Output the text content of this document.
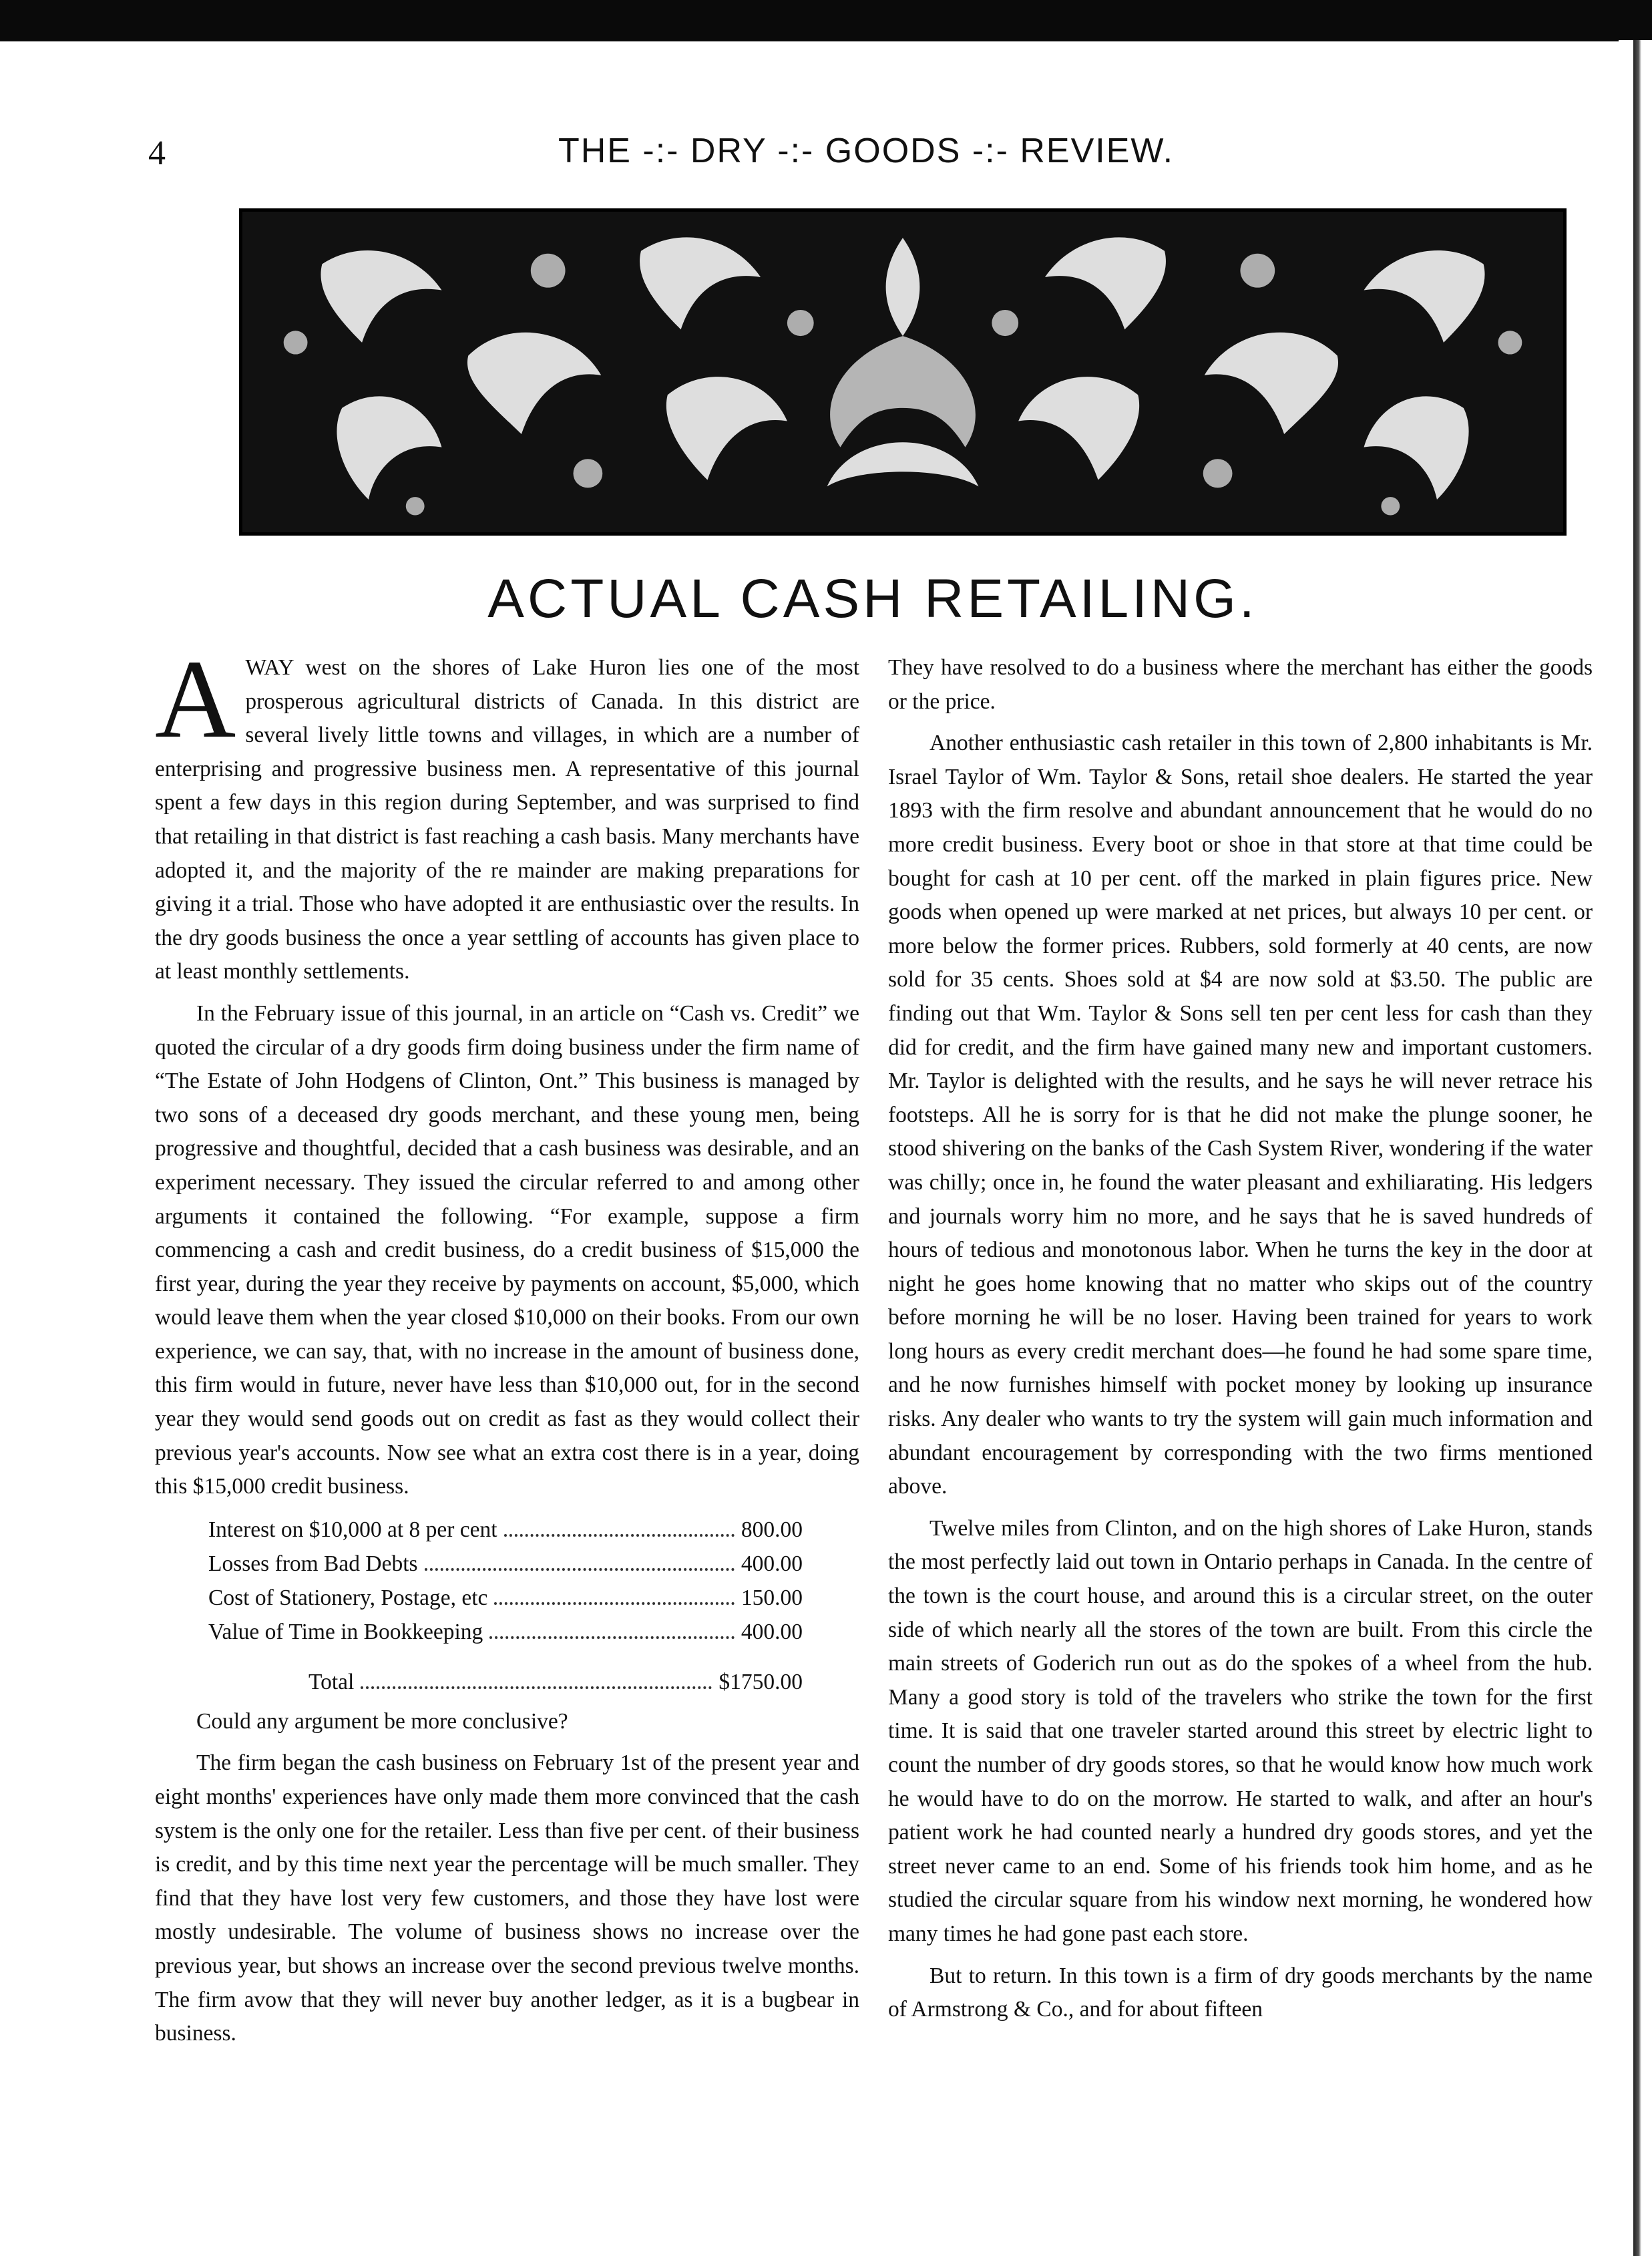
4	THE -:- DRY -:- GOODS -:- REVIEW.
ACTUAL CASH RETAILING.

AWAY west on the shores of Lake Huron lies one of the most prosperous agricultural districts of Canada. In this district are several lively little towns and villages, in which are a number of enterprising and progressive business men. A representative of this journal spent a few days in this region during September, and was surprised to find that retailing in that district is fast reaching a cash basis. Many merchants have adopted it, and the majority of the re mainder are making preparations for giving it a trial. Those who have adopted it are enthusiastic over the results. In the dry goods business the once a year settling of accounts has given place to at least monthly settlements.

In the February issue of this journal, in an article on “Cash vs. Credit” we quoted the circular of a dry goods firm doing business under the firm name of “The Estate of John Hodgens of Clinton, Ont.” This business is managed by two sons of a deceased dry goods merchant, and these young men, being progressive and thoughtful, decided that a cash business was desirable, and an experiment necessary. They issued the circular referred to and among other arguments it contained the following. “For example, suppose a firm commencing a cash and credit business, do a credit business of $15,000 the first year, during the year they receive by payments on account, $5,000, which would leave them when the year closed $10,000 on their books. From our own experience, we can say, that, with no increase in the amount of business done, this firm would in future, never have less than $10,000 out, for in the second year they would send goods out on credit as fast as they would collect their previous year's accounts. Now see what an extra cost there is in a year, doing this $15,000 credit business.

Interest on $10,000 at 8 per cent	800.00
Losses from Bad Debts	400.00
Cost of Stationery, Postage, etc	150.00
Value of Time in Bookkeeping	400.00
Total	$1750.00

Could any argument be more conclusive?

The firm began the cash business on February 1st of the present year and eight months' experiences have only made them more convinced that the cash system is the only one for the retailer. Less than five per cent. of their business is credit, and by this time next year the percentage will be much smaller. They find that they have lost very few customers, and those they have lost were mostly undesirable. The volume of business shows no increase over the previous year, but shows an increase over the second previous twelve months. The firm avow that they will never buy another ledger, as it is a bugbear in business.

They have resolved to do a business where the merchant has either the goods or the price.

Another enthusiastic cash retailer in this town of 2,800 inhabitants is Mr. Israel Taylor of Wm. Taylor & Sons, retail shoe dealers. He started the year 1893 with the firm resolve and abundant announcement that he would do no more credit business. Every boot or shoe in that store at that time could be bought for cash at 10 per cent. off the marked in plain figures price. New goods when opened up were marked at net prices, but always 10 per cent. or more below the former prices. Rubbers, sold formerly at 40 cents, are now sold for 35 cents. Shoes sold at $4 are now sold at $3.50. The public are finding out that Wm. Taylor & Sons sell ten per cent less for cash than they did for credit, and the firm have gained many new and important customers. Mr. Taylor is delighted with the results, and he says he will never retrace his footsteps. All he is sorry for is that he did not make the plunge sooner, he stood shivering on the banks of the Cash System River, wondering if the water was chilly; once in, he found the water pleasant and exhiliarating. His ledgers and journals worry him no more, and he says that he is saved hundreds of hours of tedious and monotonous labor. When he turns the key in the door at night he goes home knowing that no matter who skips out of the country before morning he will be no loser. Having been trained for years to work long hours as every credit merchant does—he found he had some spare time, and he now furnishes himself with pocket money by looking up insurance risks. Any dealer who wants to try the system will gain much information and abundant encouragement by corresponding with the two firms mentioned above.

Twelve miles from Clinton, and on the high shores of Lake Huron, stands the most perfectly laid out town in Ontario perhaps in Canada. In the centre of the town is the court house, and around this is a circular street, on the outer side of which nearly all the stores of the town are built. From this circle the main streets of Goderich run out as do the spokes of a wheel from the hub. Many a good story is told of the travelers who strike the town for the first time. It is said that one traveler started around this street by electric light to count the number of dry goods stores, so that he would know how much work he would have to do on the morrow. He started to walk, and after an hour's patient work he had counted nearly a hundred dry goods stores, and yet the street never came to an end. Some of his friends took him home, and as he studied the circular square from his window next morning, he wondered how many times he had gone past each store.

But to return. In this town is a firm of dry goods merchants by the name of Armstrong & Co., and for about fifteen
